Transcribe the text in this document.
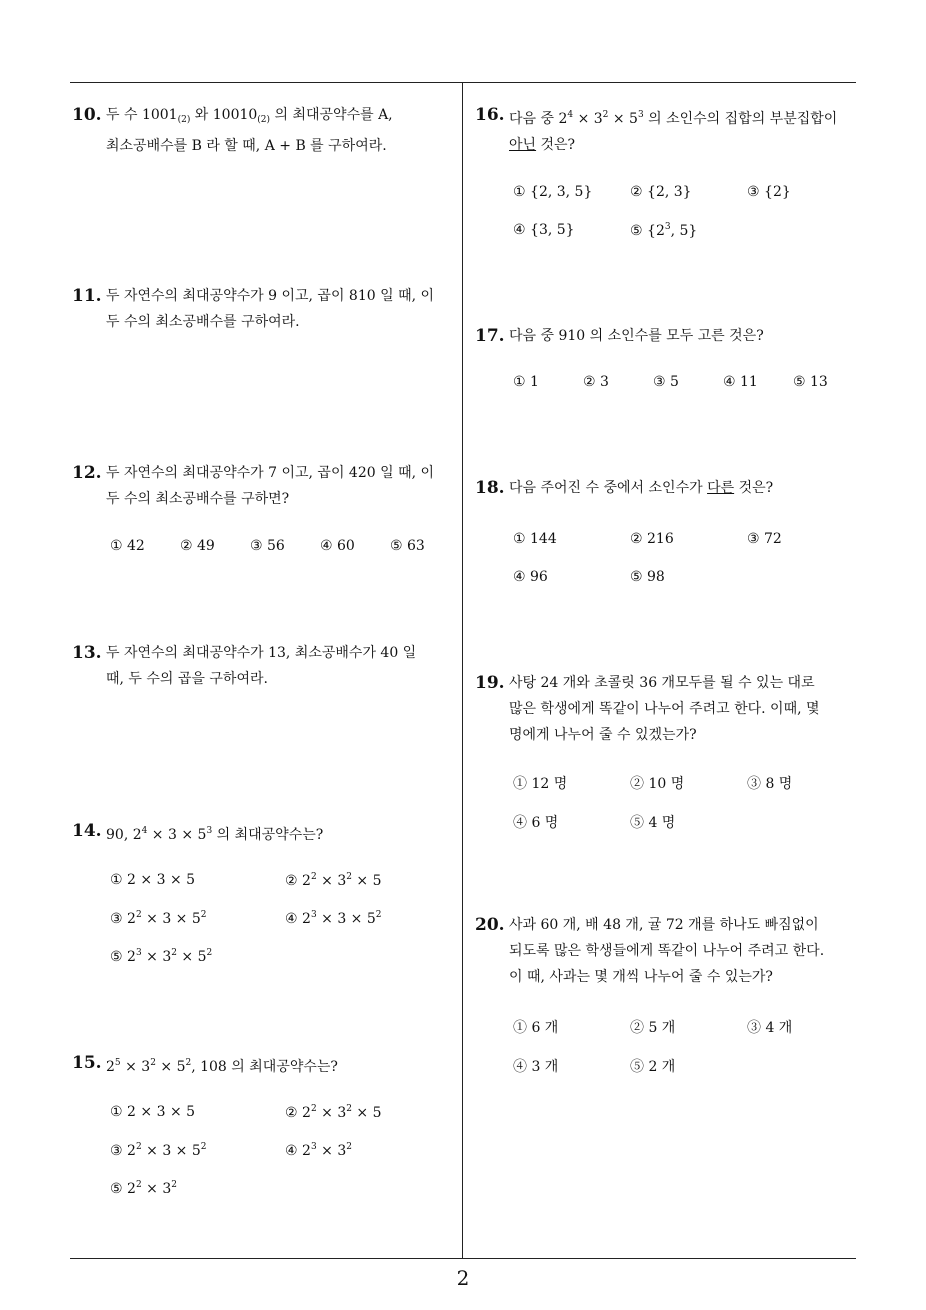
10. 두 수 $1001_{(2)}$ 와 $10010_{(2)}$ 의 최대공약수를 A,
최소공배수를 B 라 할 때, A + B 를 구하여라.
11. 두 자연수의 최대공약수가 9 이고, 곱이 810 일 때, 이
두 수의 최소공배수를 구하여라.
12. 두 자연수의 최대공약수가 7 이고, 곱이 420 일 때, 이
두 수의 최소공배수를 구하면?
① 42	② 49	③ 56	④ 60	⑤ 63
13. 두 자연수의 최대공약수가 13, 최소공배수가 40 일
때, 두 수의 곱을 구하여라.
14. 90, $2^4 \times 3 \times 5^3$ 의 최대공약수는?
① 2 × 3 × 5	② $2^2 \times 3^2 \times 5$
③ $2^2 \times 3 \times 5^2$	④ $2^3 \times 3 \times 5^2$
⑤ $2^3 \times 3^2 \times 5^2$
15. $2^5 \times 3^2 \times 5^2$, 108 의 최대공약수는?
① 2 × 3 × 5	② $2^2 \times 3^2 \times 5$
③ $2^2 \times 3 \times 5^2$	④ $2^3 \times 3^2$
⑤ $2^2 \times 3^2$
16. 다음 중 $2^4 \times 3^2 \times 5^3$ 의 소인수의 집합의 부분집합이
아닌 것은?
① {2, 3, 5}	② {2, 3}	③ {2}
④ {3, 5}	⑤ {$2^3$, 5}
17. 다음 중 910 의 소인수를 모두 고른 것은?
① 1	② 3	③ 5	④ 11	⑤ 13
18. 다음 주어진 수 중에서 소인수가 다른 것은?
① 144	② 216	③ 72
④ 96	⑤ 98
19. 사탕 24 개와 초콜릿 36 개모두를 될 수 있는 대로
많은 학생에게 똑같이 나누어 주려고 한다. 이때, 몇
명에게 나누어 줄 수 있겠는가?
① 12 명	② 10 명	③ 8 명
④ 6 명	⑤ 4 명
20. 사과 60 개, 배 48 개, 귤 72 개를 하나도 빠짐없이
되도록 많은 학생들에게 똑같이 나누어 주려고 한다.
이 때, 사과는 몇 개씩 나누어 줄 수 있는가?
① 6 개	② 5 개	③ 4 개
④ 3 개	⑤ 2 개
2
